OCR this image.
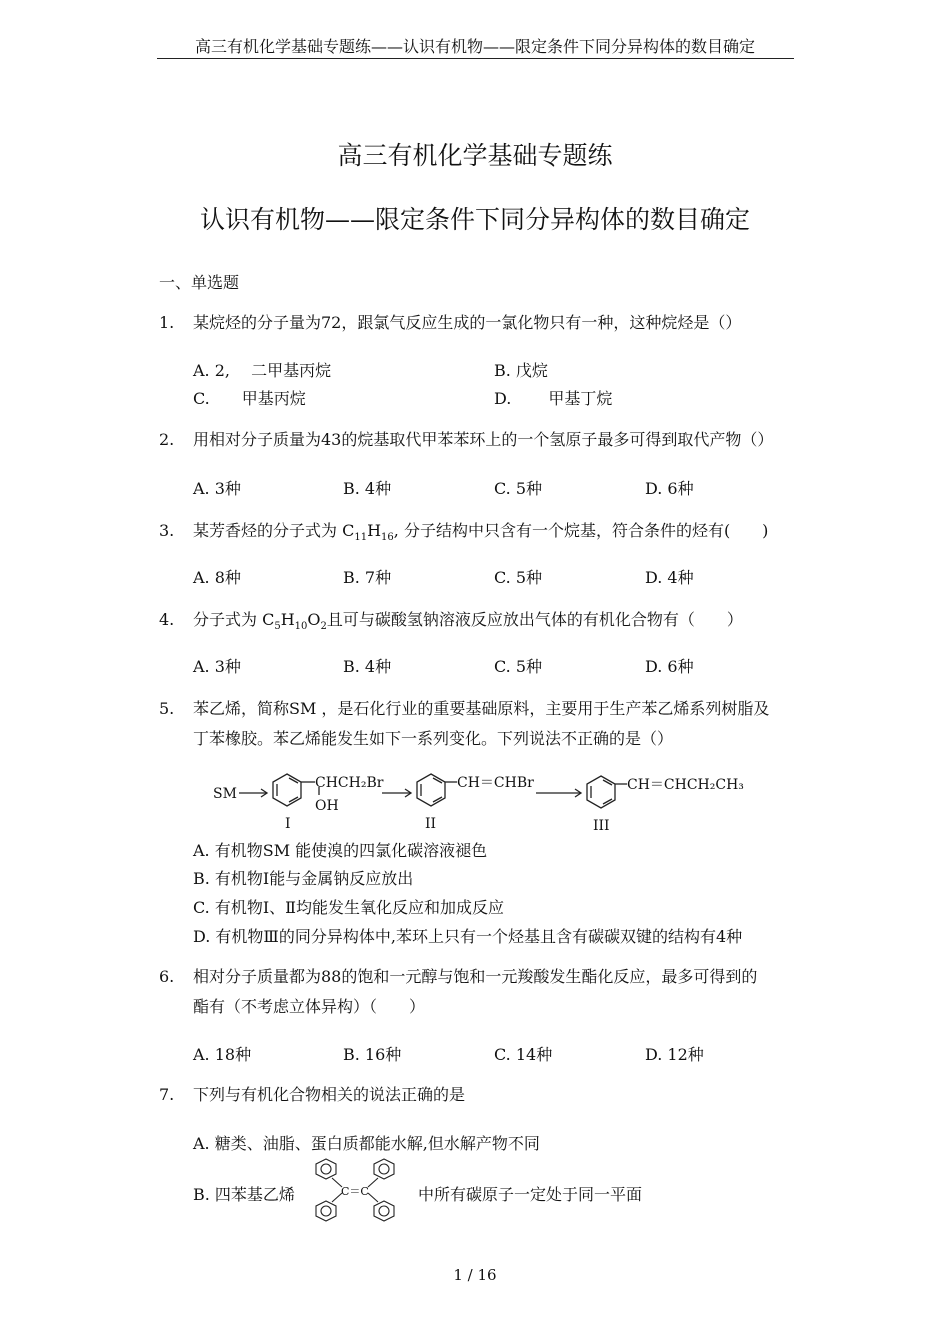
高三有机化学基础专题练——认识有机物——限定条件下同分异构体的数目确定
高三有机化学基础专题练
认识有机物——限定条件下同分异构体的数目确定
一、单选题
1. 某烷烃的分子量为72，跟氯气反应生成的一氯化物只有一种，这种烷烃是（）
A. 2,　 二甲基丙烷	B. 戊烷
C.　　甲基丙烷	D.　　 甲基丁烷
2. 用相对分子质量为43的烷基取代甲苯苯环上的一个氢原子最多可得到取代产物（）
A. 3种	B. 4种	C. 5种	D. 6种
3. 某芳香烃的分子式为 $C_{11}H_{16}$, 分子结构中只含有一个烷基，符合条件的烃有(　　)
A. 8种	B. 7种	C. 5种	D. 4种
4. 分子式为 $C_5H_{10}O_2$且可与碳酸氢钠溶液反应放出气体的有机化合物有（　　）
A. 3种	B. 4种	C. 5种	D. 6种
5. 苯乙烯，简称SM ，是石化行业的重要基础原料，主要用于生产苯乙烯系列树脂及
丁苯橡胶。苯乙烯能发生如下一系列变化。下列说法不正确的是（）
SM
CHCH₂Br
OH
CH＝CHBr	CH＝CHCH₂CH₃
I	II	III
A. 有机物SM 能使溴的四氯化碳溶液褪色
B. 有机物Ⅰ能与金属钠反应放出
C. 有机物Ⅰ、Ⅱ均能发生氧化反应和加成反应
D. 有机物Ⅲ的同分异构体中,苯环上只有一个烃基且含有碳碳双键的结构有4种
6. 相对分子质量都为88的饱和一元醇与饱和一元羧酸发生酯化反应，最多可得到的
酯有（不考虑立体异构）（　　）
A. 18种	B. 16种	C. 14种	D. 12种
7. 下列与有机化合物相关的说法正确的是
A. 糖类、油脂、蛋白质都能水解,但水解产物不同
B. 四苯基乙烯	C＝C	中所有碳原子一定处于同一平面
1 / 16
